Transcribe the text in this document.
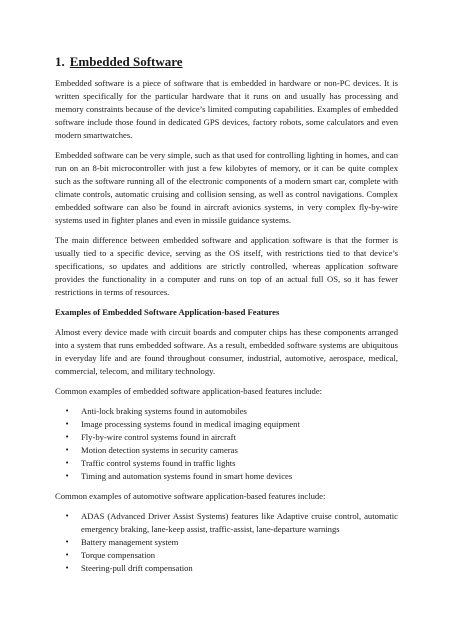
1. Embedded Software

Embedded software is a piece of software that is embedded in hardware or non-PC devices. It is written specifically for the particular hardware that it runs on and usually has processing and memory constraints because of the device’s limited computing capabilities. Examples of embedded software include those found in dedicated GPS devices, factory robots, some calculators and even modern smartwatches.

Embedded software can be very simple, such as that used for controlling lighting in homes, and can run on an 8-bit microcontroller with just a few kilobytes of memory, or it can be quite complex such as the software running all of the electronic components of a modern smart car, complete with climate controls, automatic cruising and collision sensing, as well as control navigations. Complex embedded software can also be found in aircraft avionics systems, in very complex fly-by-wire systems used in fighter planes and even in missile guidance systems.

The main difference between embedded software and application software is that the former is usually tied to a specific device, serving as the OS itself, with restrictions tied to that device’s specifications, so updates and additions are strictly controlled, whereas application software provides the functionality in a computer and runs on top of an actual full OS, so it has fewer restrictions in terms of resources.

Examples of Embedded Software Application-based Features

Almost every device made with circuit boards and computer chips has these components arranged into a system that runs embedded software. As a result, embedded software systems are ubiquitous in everyday life and are found throughout consumer, industrial, automotive, aerospace, medical, commercial, telecom, and military technology.

Common examples of embedded software application-based features include:

• Anti-lock braking systems found in automobiles
• Image processing systems found in medical imaging equipment
• Fly-by-wire control systems found in aircraft
• Motion detection systems in security cameras
• Traffic control systems found in traffic lights
• Timing and automation systems found in smart home devices

Common examples of automotive software application-based features include:

• ADAS (Advanced Driver Assist Systems) features like Adaptive cruise control, automatic emergency braking, lane-keep assist, traffic-assist, lane-departure warnings
• Battery management system
• Torque compensation
• Steering-pull drift compensation
